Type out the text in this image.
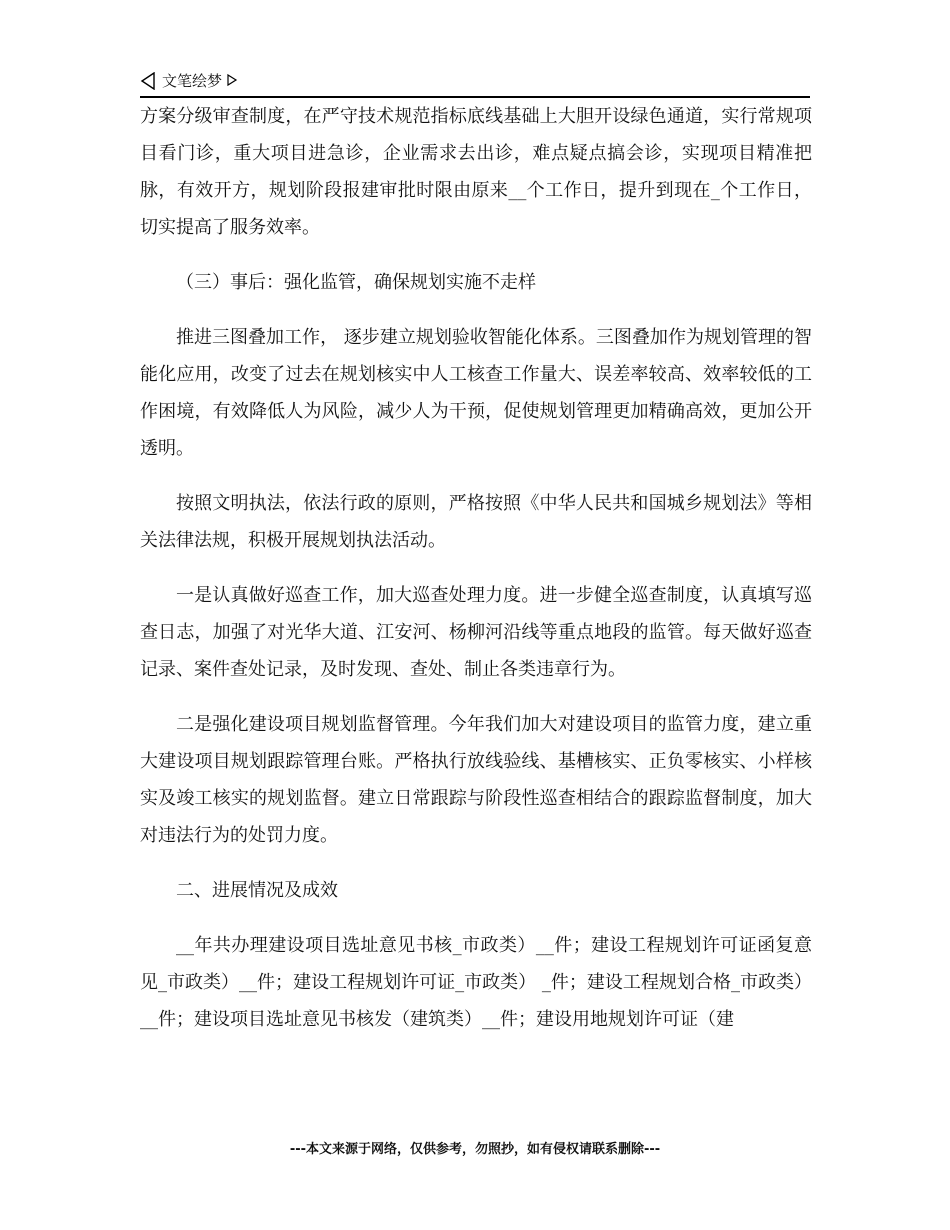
文笔绘梦

方案分级审查制度，在严守技术规范指标底线基础上大胆开设绿色通道，实行常规项目看门诊，重大项目进急诊，企业需求去出诊，难点疑点搞会诊，实现项目精准把脉，有效开方，规划阶段报建审批时限由原来__个工作日，提升到现在_个工作日，切实提高了服务效率。

（三）事后：强化监管，确保规划实施不走样

推进三图叠加工作， 逐步建立规划验收智能化体系。三图叠加作为规划管理的智能化应用，改变了过去在规划核实中人工核查工作量大、误差率较高、效率较低的工作困境，有效降低人为风险，减少人为干预，促使规划管理更加精确高效，更加公开透明。

按照文明执法，依法行政的原则，严格按照《中华人民共和国城乡规划法》等相关法律法规，积极开展规划执法活动。

一是认真做好巡查工作，加大巡查处理力度。进一步健全巡查制度，认真填写巡查日志，加强了对光华大道、江安河、杨柳河沿线等重点地段的监管。每天做好巡查记录、案件查处记录，及时发现、查处、制止各类违章行为。

二是强化建设项目规划监督管理。今年我们加大对建设项目的监管力度，建立重大建设项目规划跟踪管理台账。严格执行放线验线、基槽核实、正负零核实、小样核实及竣工核实的规划监督。建立日常跟踪与阶段性巡查相结合的跟踪监督制度，加大对违法行为的处罚力度。

二、进展情况及成效

__年共办理建设项目选址意见书核_市政类）__件；建设工程规划许可证函复意见_市政类）__件；建设工程规划许可证_市政类） _件；建设工程规划合格_市政类）__件；建设项目选址意见书核发（建筑类）__件；建设用地规划许可证（建

---本文来源于网络，仅供参考，勿照抄，如有侵权请联系删除---
